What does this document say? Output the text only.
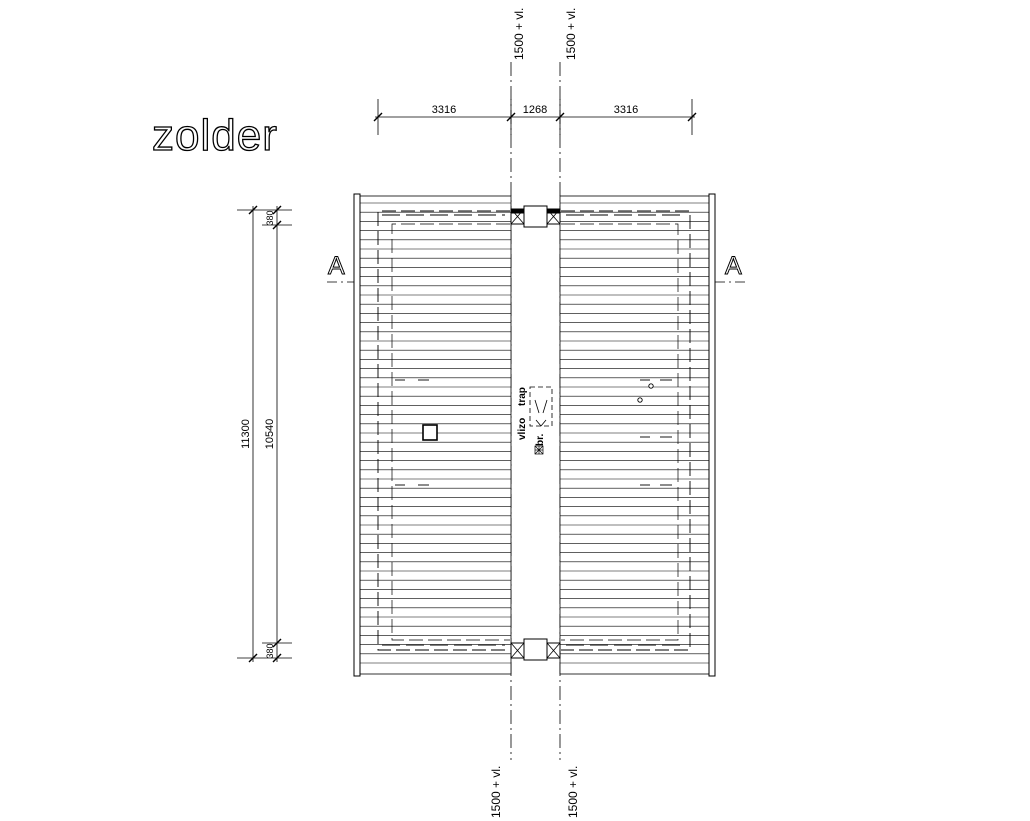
zolder
1500 + vl.	1500 + vl.
1500 + vl.	1500 + vl.
3316	1268	3316
11300 10540
380
380
A	A
vlizo
trap
br.
